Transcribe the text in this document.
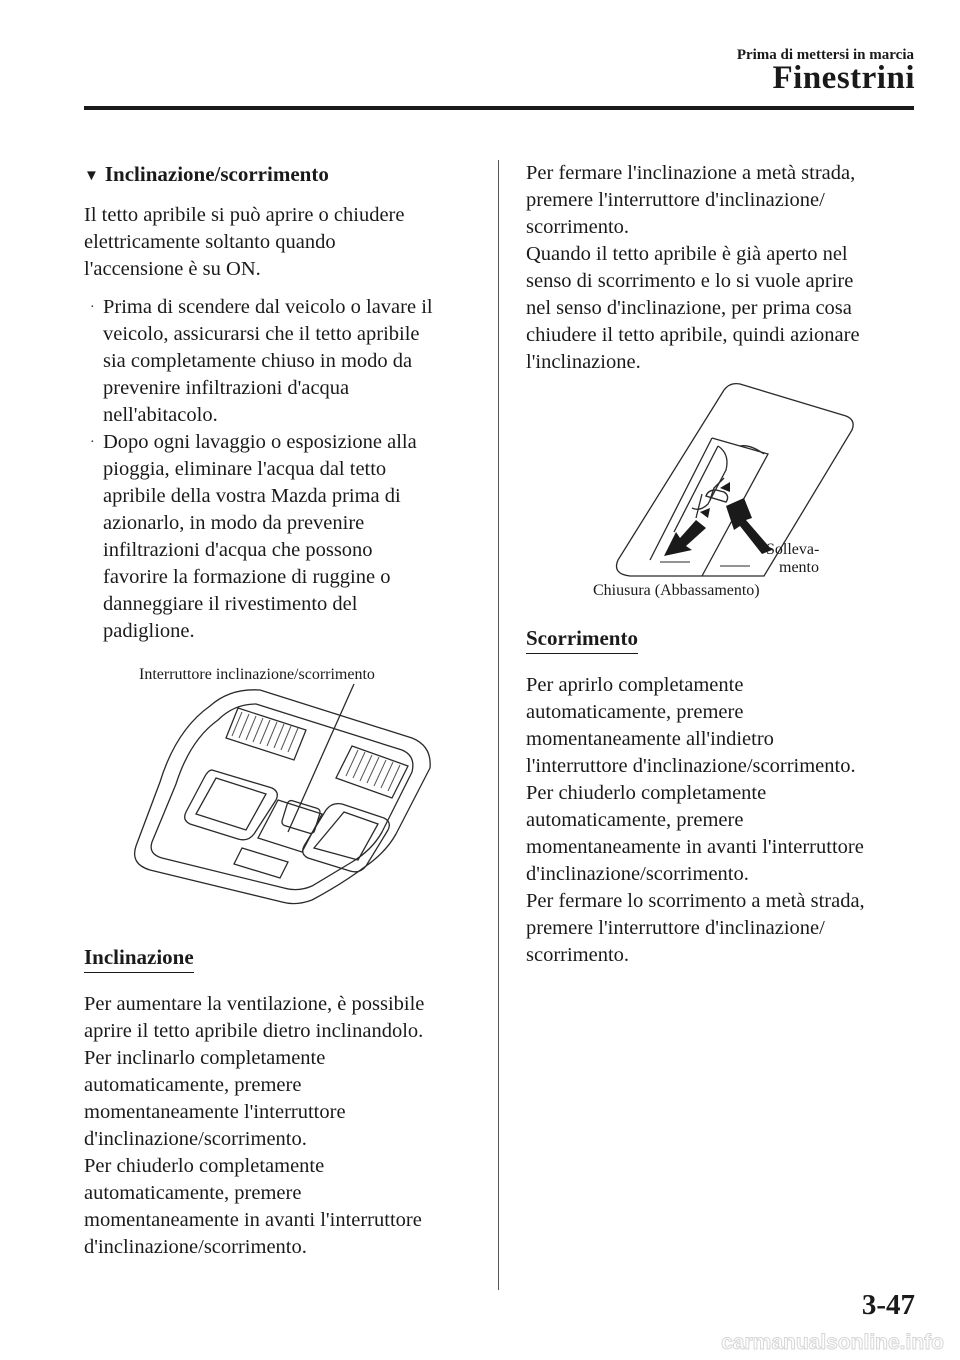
Prima di mettersi in marcia
Finestrini

▼ Inclinazione/scorrimento

Il tetto apribile si può aprire o chiudere

elettricamente soltanto quando

l'accensione è su ON.

· Prima di scendere dal veicolo o lavare il

veicolo, assicurarsi che il tetto apribile

sia completamente chiuso in modo da

prevenire infiltrazioni d'acqua

nell'abitacolo.

· Dopo ogni lavaggio o esposizione alla

pioggia, eliminare l'acqua dal tetto

apribile della vostra Mazda prima di

azionarlo, in modo da prevenire

infiltrazioni d'acqua che possono

favorire la formazione di ruggine o

danneggiare il rivestimento del

padiglione.

Interruttore inclinazione/scorrimento
Inclinazione

Per aumentare la ventilazione, è possibile

aprire il tetto apribile dietro inclinandolo.

Per inclinarlo completamente

automaticamente, premere

momentaneamente l'interruttore

d'inclinazione/scorrimento.

Per chiuderlo completamente

automaticamente, premere

momentaneamente in avanti l'interruttore

d'inclinazione/scorrimento.

Per fermare l'inclinazione a metà strada,

premere l'interruttore d'inclinazione/

scorrimento.

Quando il tetto apribile è già aperto nel

senso di scorrimento e lo si vuole aprire

nel senso d'inclinazione, per prima cosa

chiudere il tetto apribile, quindi azionare

l'inclinazione.

Solleva-
mento
Chiusura (Abbassamento)
Scorrimento

Per aprirlo completamente

automaticamente, premere

momentaneamente all'indietro

l'interruttore d'inclinazione/scorrimento.

Per chiuderlo completamente

automaticamente, premere

momentaneamente in avanti l'interruttore

d'inclinazione/scorrimento.

Per fermare lo scorrimento a metà strada,

premere l'interruttore d'inclinazione/

scorrimento.

3-47
carmanualsonline.info
